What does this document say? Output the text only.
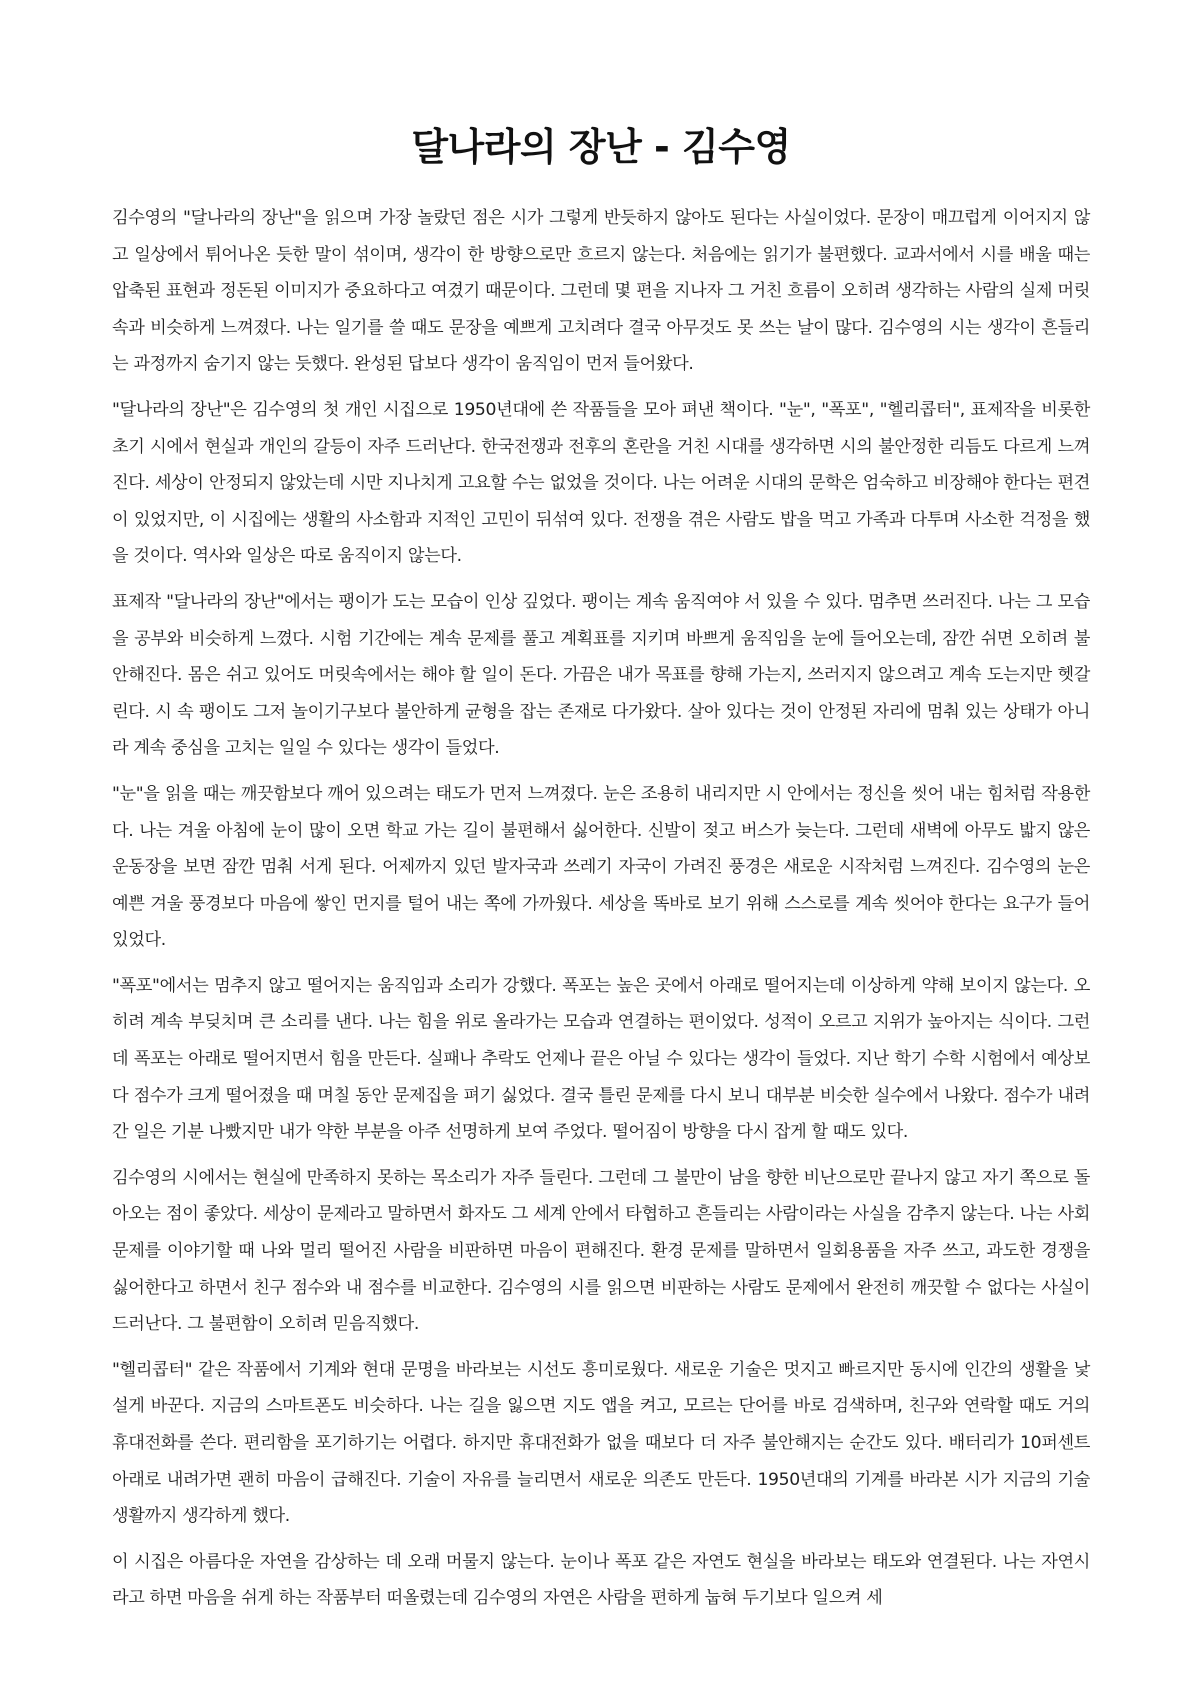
달나라의 장난 - 김수영

김수영의 "달나라의 장난"을 읽으며 가장 놀랐던 점은 시가 그렇게 반듯하지 않아도 된다는 사실이었다. 문장이 매끄럽게 이어지지 않고 일상에서 튀어나온 듯한 말이 섞이며, 생각이 한 방향으로만 흐르지 않는다. 처음에는 읽기가 불편했다. 교과서에서 시를 배울 때는 압축된 표현과 정돈된 이미지가 중요하다고 여겼기 때문이다. 그런데 몇 편을 지나자 그 거친 흐름이 오히려 생각하는 사람의 실제 머릿속과 비슷하게 느껴졌다. 나는 일기를 쓸 때도 문장을 예쁘게 고치려다 결국 아무것도 못 쓰는 날이 많다. 김수영의 시는 생각이 흔들리는 과정까지 숨기지 않는 듯했다. 완성된 답보다 생각이 움직임이 먼저 들어왔다.

"달나라의 장난"은 김수영의 첫 개인 시집으로 1950년대에 쓴 작품들을 모아 펴낸 책이다. "눈", "폭포", "헬리콥터", 표제작을 비롯한 초기 시에서 현실과 개인의 갈등이 자주 드러난다. 한국전쟁과 전후의 혼란을 거친 시대를 생각하면 시의 불안정한 리듬도 다르게 느껴진다. 세상이 안정되지 않았는데 시만 지나치게 고요할 수는 없었을 것이다. 나는 어려운 시대의 문학은 엄숙하고 비장해야 한다는 편견이 있었지만, 이 시집에는 생활의 사소함과 지적인 고민이 뒤섞여 있다. 전쟁을 겪은 사람도 밥을 먹고 가족과 다투며 사소한 걱정을 했을 것이다. 역사와 일상은 따로 움직이지 않는다.

표제작 "달나라의 장난"에서는 팽이가 도는 모습이 인상 깊었다. 팽이는 계속 움직여야 서 있을 수 있다. 멈추면 쓰러진다. 나는 그 모습을 공부와 비슷하게 느꼈다. 시험 기간에는 계속 문제를 풀고 계획표를 지키며 바쁘게 움직임을 눈에 들어오는데, 잠깐 쉬면 오히려 불안해진다. 몸은 쉬고 있어도 머릿속에서는 해야 할 일이 돈다. 가끔은 내가 목표를 향해 가는지, 쓰러지지 않으려고 계속 도는지만 헷갈린다. 시 속 팽이도 그저 놀이기구보다 불안하게 균형을 잡는 존재로 다가왔다. 살아 있다는 것이 안정된 자리에 멈춰 있는 상태가 아니라 계속 중심을 고치는 일일 수 있다는 생각이 들었다.

"눈"을 읽을 때는 깨끗함보다 깨어 있으려는 태도가 먼저 느껴졌다. 눈은 조용히 내리지만 시 안에서는 정신을 씻어 내는 힘처럼 작용한다. 나는 겨울 아침에 눈이 많이 오면 학교 가는 길이 불편해서 싫어한다. 신발이 젖고 버스가 늦는다. 그런데 새벽에 아무도 밟지 않은 운동장을 보면 잠깐 멈춰 서게 된다. 어제까지 있던 발자국과 쓰레기 자국이 가려진 풍경은 새로운 시작처럼 느껴진다. 김수영의 눈은 예쁜 겨울 풍경보다 마음에 쌓인 먼지를 털어 내는 쪽에 가까웠다. 세상을 똑바로 보기 위해 스스로를 계속 씻어야 한다는 요구가 들어 있었다.

"폭포"에서는 멈추지 않고 떨어지는 움직임과 소리가 강했다. 폭포는 높은 곳에서 아래로 떨어지는데 이상하게 약해 보이지 않는다. 오히려 계속 부딪치며 큰 소리를 낸다. 나는 힘을 위로 올라가는 모습과 연결하는 편이었다. 성적이 오르고 지위가 높아지는 식이다. 그런데 폭포는 아래로 떨어지면서 힘을 만든다. 실패나 추락도 언제나 끝은 아닐 수 있다는 생각이 들었다. 지난 학기 수학 시험에서 예상보다 점수가 크게 떨어졌을 때 며칠 동안 문제집을 펴기 싫었다. 결국 틀린 문제를 다시 보니 대부분 비슷한 실수에서 나왔다. 점수가 내려간 일은 기분 나빴지만 내가 약한 부분을 아주 선명하게 보여 주었다. 떨어짐이 방향을 다시 잡게 할 때도 있다.

김수영의 시에서는 현실에 만족하지 못하는 목소리가 자주 들린다. 그런데 그 불만이 남을 향한 비난으로만 끝나지 않고 자기 쪽으로 돌아오는 점이 좋았다. 세상이 문제라고 말하면서 화자도 그 세계 안에서 타협하고 흔들리는 사람이라는 사실을 감추지 않는다. 나는 사회 문제를 이야기할 때 나와 멀리 떨어진 사람을 비판하면 마음이 편해진다. 환경 문제를 말하면서 일회용품을 자주 쓰고, 과도한 경쟁을 싫어한다고 하면서 친구 점수와 내 점수를 비교한다. 김수영의 시를 읽으면 비판하는 사람도 문제에서 완전히 깨끗할 수 없다는 사실이 드러난다. 그 불편함이 오히려 믿음직했다.

"헬리콥터" 같은 작품에서 기계와 현대 문명을 바라보는 시선도 흥미로웠다. 새로운 기술은 멋지고 빠르지만 동시에 인간의 생활을 낯설게 바꾼다. 지금의 스마트폰도 비슷하다. 나는 길을 잃으면 지도 앱을 켜고, 모르는 단어를 바로 검색하며, 친구와 연락할 때도 거의 휴대전화를 쓴다. 편리함을 포기하기는 어렵다. 하지만 휴대전화가 없을 때보다 더 자주 불안해지는 순간도 있다. 배터리가 10퍼센트 아래로 내려가면 괜히 마음이 급해진다. 기술이 자유를 늘리면서 새로운 의존도 만든다. 1950년대의 기계를 바라본 시가 지금의 기술 생활까지 생각하게 했다.

이 시집은 아름다운 자연을 감상하는 데 오래 머물지 않는다. 눈이나 폭포 같은 자연도 현실을 바라보는 태도와 연결된다. 나는 자연시라고 하면 마음을 쉬게 하는 작품부터 떠올렸는데 김수영의 자연은 사람을 편하게 눕혀 두기보다 일으켜 세
